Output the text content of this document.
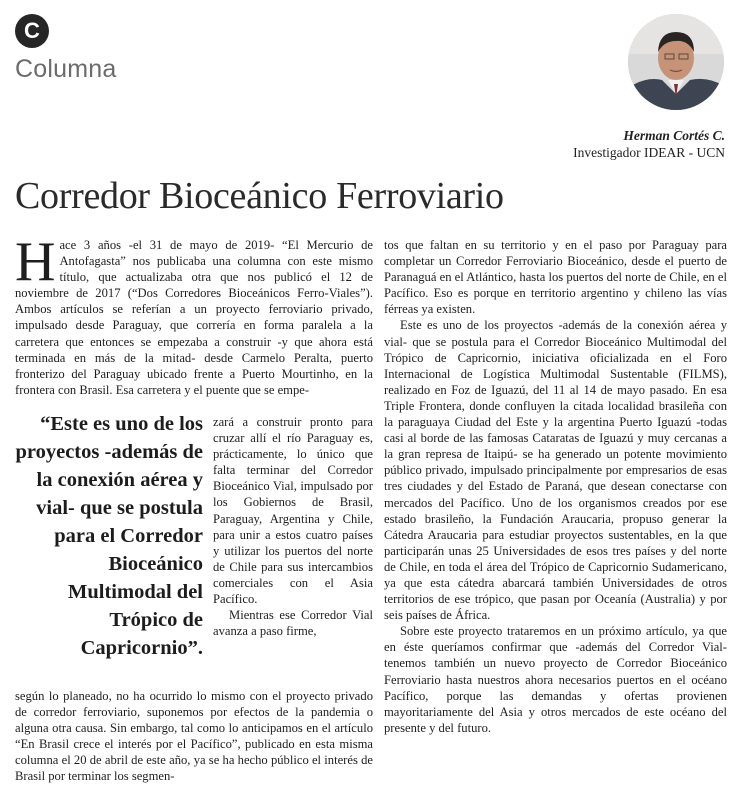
C
Columna
Herman Cortés C.
Investigador IDEAR - UCN
Corredor Bioceánico Ferroviario

Hace 3 años -el 31 de mayo de 2019- “El Mercurio de Antofagasta” nos publicaba una columna con este mismo título, que actualizaba otra que nos publicó el 12 de noviembre de 2017 (“Dos Corredores Bioceánicos Ferro-Viales”). Ambos artículos se referían a un proyecto ferroviario privado, impulsado desde Paraguay, que correría en forma paralela a la carretera que entonces se empezaba a construir -y que ahora está terminada en más de la mitad- desde Carmelo Peralta, puerto fronterizo del Paraguay ubicado frente a Puerto Mourtinho, en la frontera con Brasil. Esa carretera y el puente que se empe-

“Este es uno de los proyectos -además de la conexión aérea y vial- que se postula para el Corredor Bioceánico Multimodal del Trópico de Capricornio”.

zará a construir pronto para cruzar allí el río Paraguay es, prácticamente, lo único que falta terminar del Corredor Bioceánico Vial, impulsado por los Gobiernos de Brasil, Paraguay, Argentina y Chile, para unir a estos cuatro países y utilizar los puertos del norte de Chile para sus intercambios comerciales con el Asia Pacífico.

Mientras ese Corredor Vial avanza a paso firme,

según lo planeado, no ha ocurrido lo mismo con el proyecto privado de corredor ferroviario, suponemos por efectos de la pandemia o alguna otra causa. Sin embargo, tal como lo anticipamos en el artículo “En Brasil crece el interés por el Pacífico”, publicado en esta misma columna el 20 de abril de este año, ya se ha hecho público el interés de Brasil por terminar los segmen-

tos que faltan en su territorio y en el paso por Paraguay para completar un Corredor Ferroviario Bioceánico, desde el puerto de Paranaguá en el Atlántico, hasta los puertos del norte de Chile, en el Pacífico. Eso es porque en territorio argentino y chileno las vías férreas ya existen.

Este es uno de los proyectos -además de la conexión aérea y vial- que se postula para el Corredor Bioceánico Multimodal del Trópico de Capricornio, iniciativa oficializada en el Foro Internacional de Logística Multimodal Sustentable (FILMS), realizado en Foz de Iguazú, del 11 al 14 de mayo pasado. En esa Triple Frontera, donde confluyen la citada localidad brasileña con la paraguaya Ciudad del Este y la argentina Puerto Iguazú -todas casi al borde de las famosas Cataratas de Iguazú y muy cercanas a la gran represa de Itaipú- se ha generado un potente movimiento público privado, impulsado principalmente por empresarios de esas tres ciudades y del Estado de Paraná, que desean conectarse con mercados del Pacífico. Uno de los organismos creados por ese estado brasileño, la Fundación Araucaria, propuso generar la Cátedra Araucaria para estudiar proyectos sustentables, en la que participarán unas 25 Universidades de esos tres países y del norte de Chile, en toda el área del Trópico de Capricornio Sudamericano, ya que esta cátedra abarcará también Universidades de otros territorios de ese trópico, que pasan por Oceanía (Australia) y por seis países de África.

Sobre este proyecto trataremos en un próximo artículo, ya que en éste queríamos confirmar que -además del Corredor Vial- tenemos también un nuevo proyecto de Corredor Bioceánico Ferroviario hasta nuestros ahora necesarios puertos en el océano Pacífico, porque las demandas y ofertas provienen mayoritariamente del Asia y otros mercados de este océano del presente y del futuro.
